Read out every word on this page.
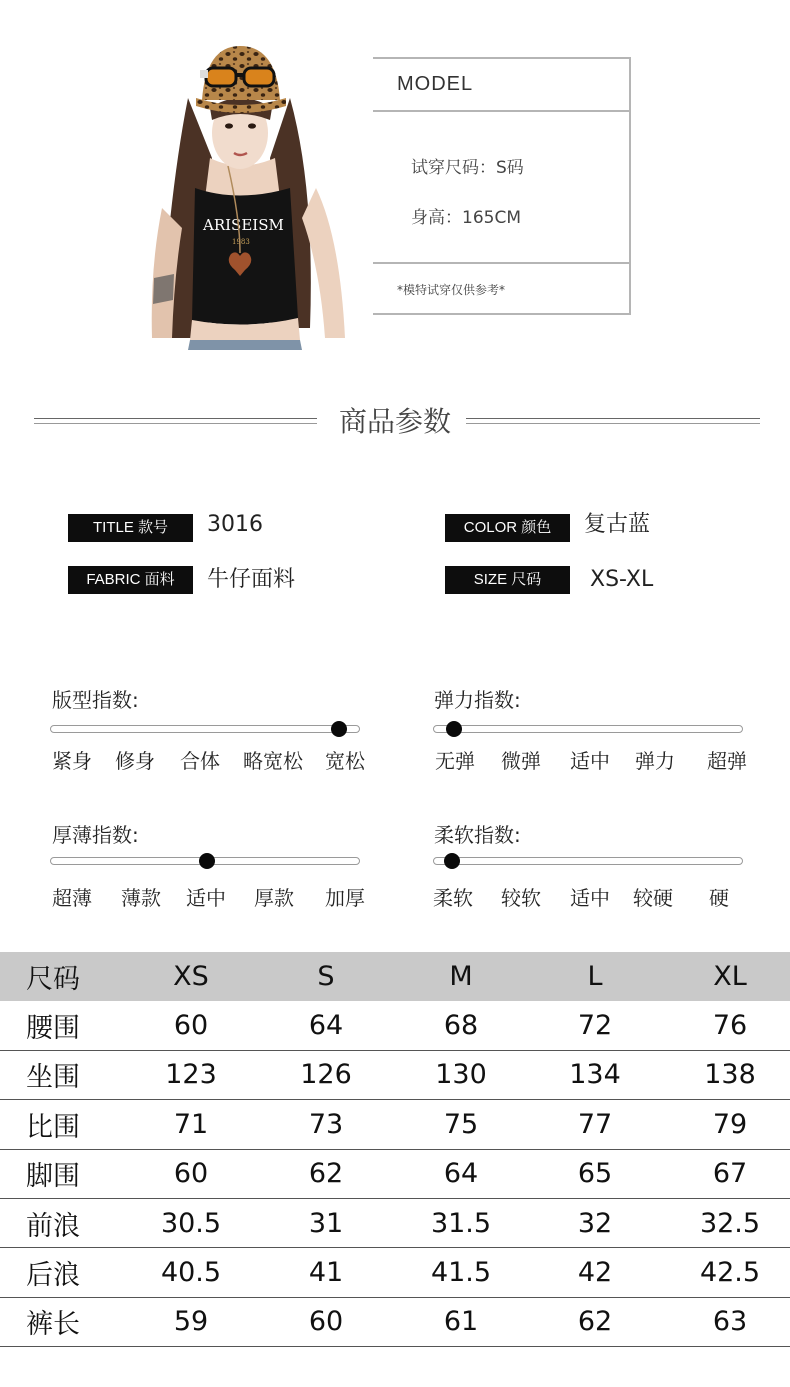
ARISEISM
1983
MODEL
试穿尺码：S码
身高：165CM
*模特试穿仅供参考*
商品参数
TITLE 款号	3016	COLOR 颜色	复古蓝
FABRIC 面料	牛仔面料	SIZE 尺码	XS-XL
版型指数:
紧身 修身 合体 略宽松 宽松
弹力指数:
无弹 微弹 适中 弹力 超弹
厚薄指数:
超薄 薄款 适中 厚款 加厚
柔软指数:
柔软 较软 适中 较硬 硬
尺码	XS	S	M	L	XL
腰围	60	64	68	72	76
坐围	123	126	130	134	138
比围	71	73	75	77	79
脚围	60	62	64	65	67
前浪	30.5	31	31.5	32	32.5
后浪	40.5	41	41.5	42	42.5
裤长	59	60	61	62	63
